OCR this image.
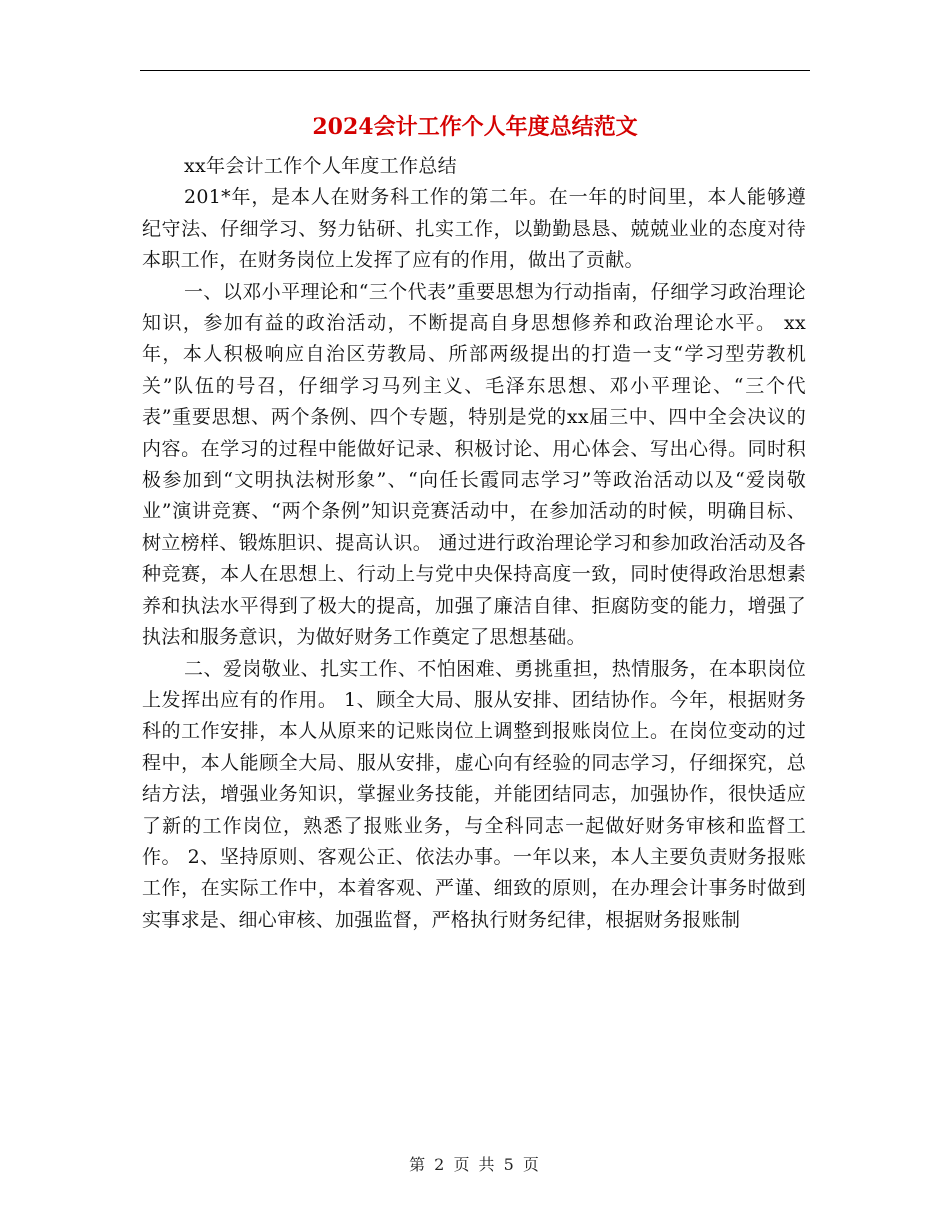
2024会计工作个人年度总结范文

xx年会计工作个人年度工作总结

201*年，是本人在财务科工作的第二年。在一年的时间里，本人能够遵纪守法、仔细学习、努力钻研、扎实工作，以勤勤恳恳、兢兢业业的态度对待本职工作，在财务岗位上发挥了应有的作用，做出了贡献。

一、以邓小平理论和“三个代表”重要思想为行动指南，仔细学习政治理论知识，参加有益的政治活动，不断提高自身思想修养和政治理论水平。 xx年，本人积极响应自治区劳教局、所部两级提出的打造一支“学习型劳教机关”队伍的号召，仔细学习马列主义、毛泽东思想、邓小平理论、“三个代表”重要思想、两个条例、四个专题，特别是党的xx届三中、四中全会决议的内容。在学习的过程中能做好记录、积极讨论、用心体会、写出心得。同时积极参加到“文明执法树形象”、“向任长霞同志学习”等政治活动以及“爱岗敬业”演讲竞赛、“两个条例”知识竞赛活动中，在参加活动的时候，明确目标、树立榜样、锻炼胆识、提高认识。 通过进行政治理论学习和参加政治活动及各种竞赛，本人在思想上、行动上与党中央保持高度一致，同时使得政治思想素养和执法水平得到了极大的提高，加强了廉洁自律、拒腐防变的能力，增强了执法和服务意识，为做好财务工作奠定了思想基础。

二、爱岗敬业、扎实工作、不怕困难、勇挑重担，热情服务，在本职岗位上发挥出应有的作用。 1、顾全大局、服从安排、团结协作。今年，根据财务科的工作安排，本人从原来的记账岗位上调整到报账岗位上。在岗位变动的过程中，本人能顾全大局、服从安排，虚心向有经验的同志学习，仔细探究，总结方法，增强业务知识，掌握业务技能，并能团结同志，加强协作，很快适应了新的工作岗位，熟悉了报账业务，与全科同志一起做好财务审核和监督工作。 2、坚持原则、客观公正、依法办事。一年以来，本人主要负责财务报账工作，在实际工作中，本着客观、严谨、细致的原则，在办理会计事务时做到实事求是、细心审核、加强监督，严格执行财务纪律，根据财务报账制

第 2 页 共 5 页
